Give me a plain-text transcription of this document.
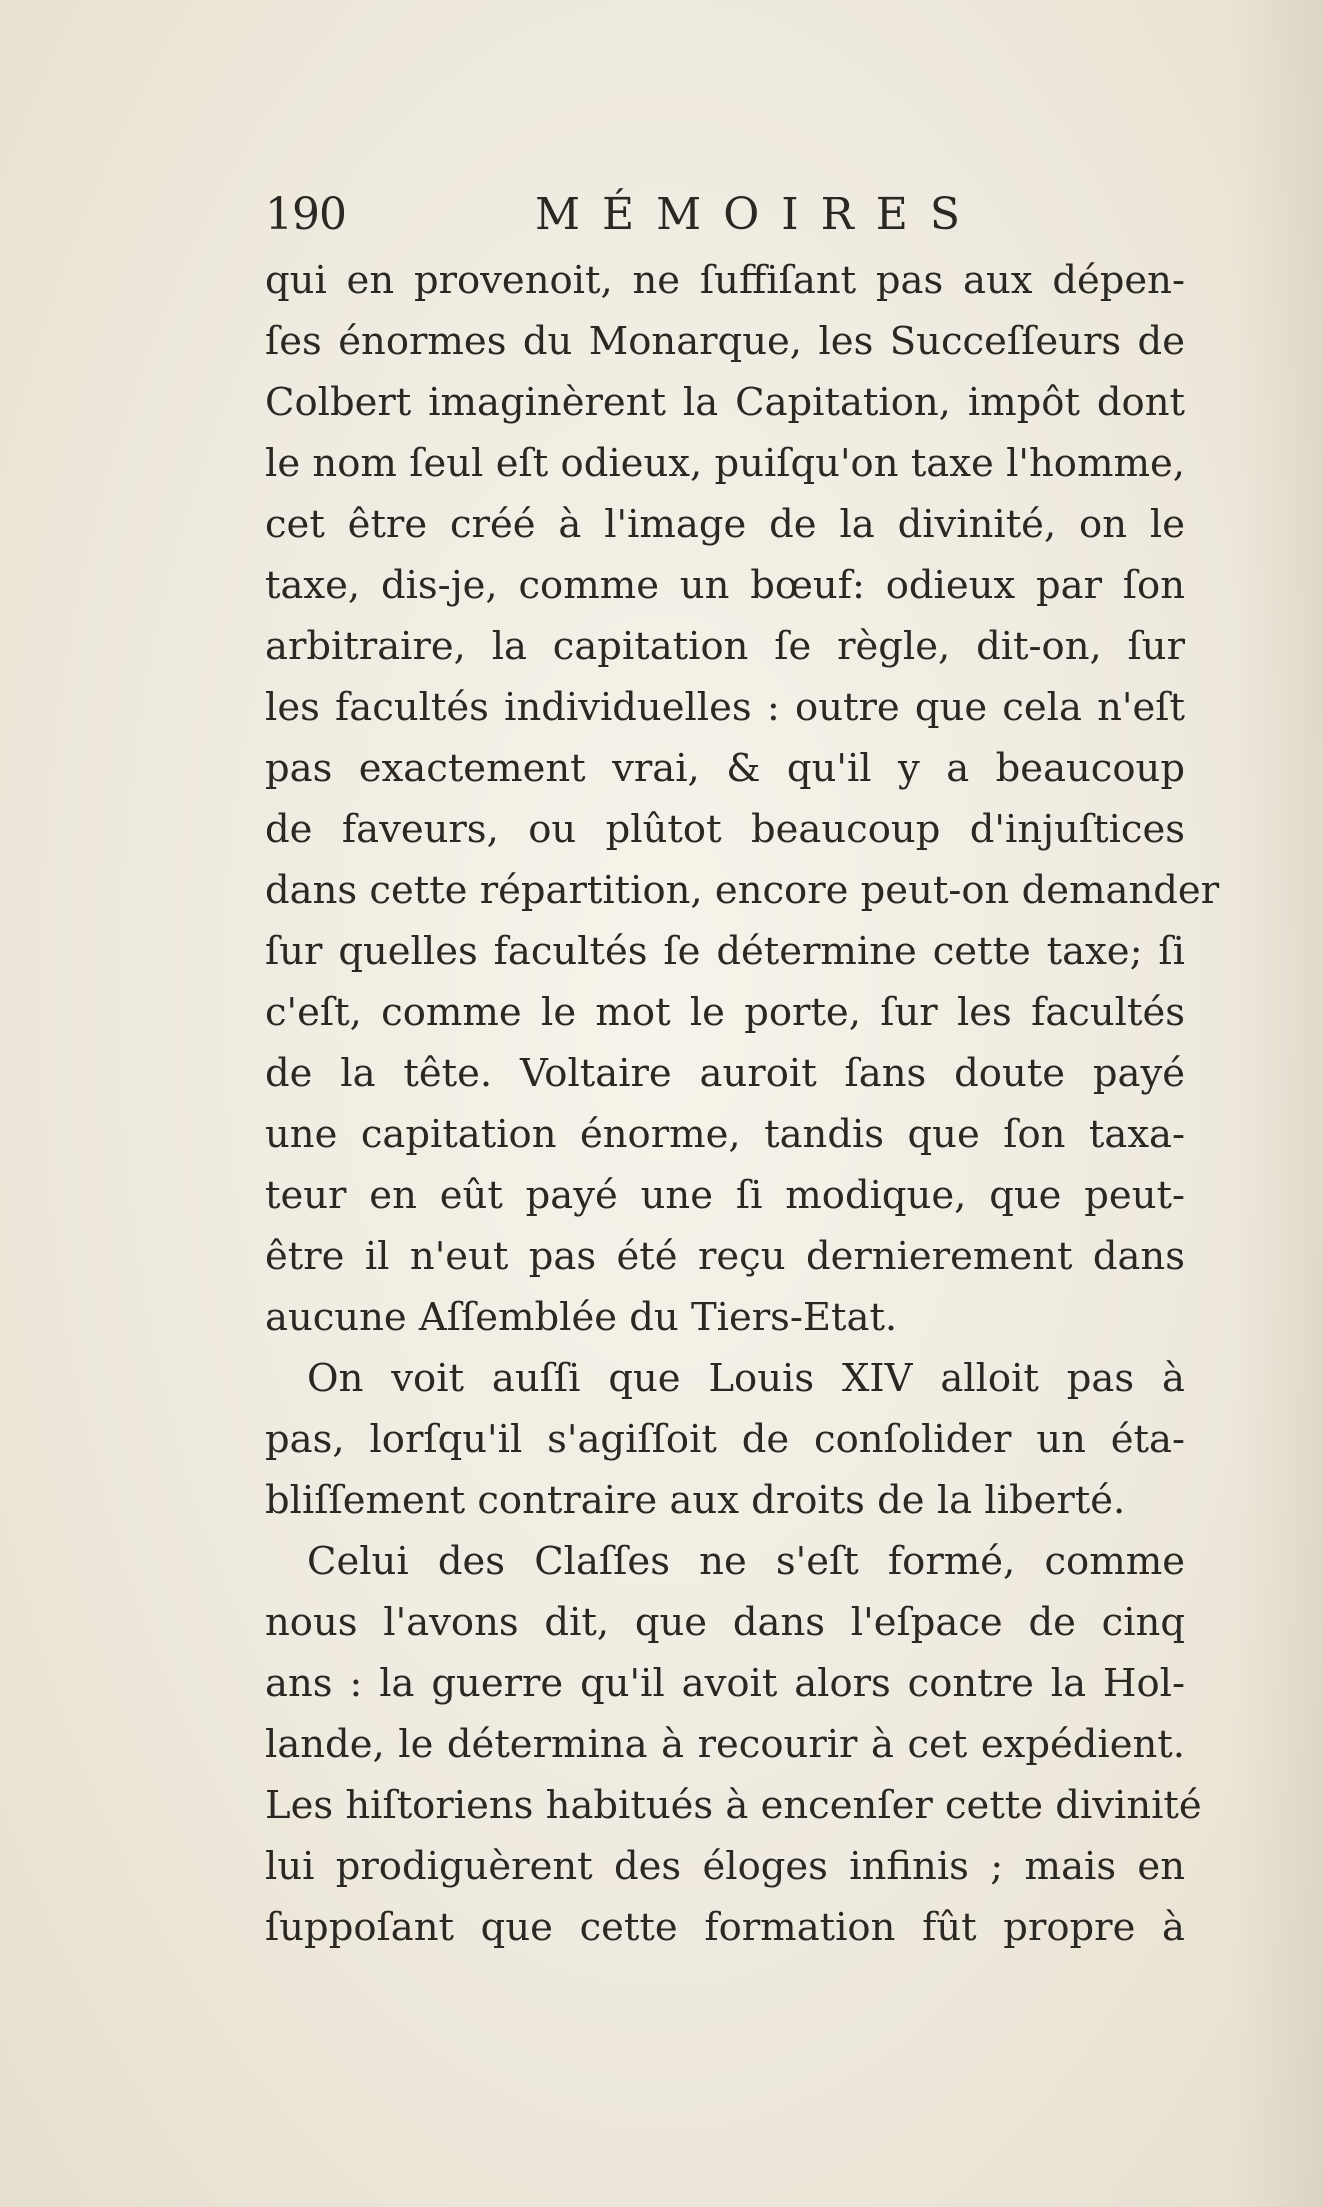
190	MÉMOIRES
qui en provenoit, ne ſuffiſant pas aux dépen-
ſes énormes du Monarque, les Succeſſeurs de
Colbert imaginèrent la Capitation, impôt dont
le nom ſeul eſt odieux, puiſqu'on taxe l'homme,
cet être créé à l'image de la divinité, on le
taxe, dis-je, comme un bœuf: odieux par ſon
arbitraire, la capitation ſe règle, dit-on, ſur
les facultés individuelles : outre que cela n'eſt
pas exactement vrai, & qu'il y a beaucoup
de faveurs, ou plûtot beaucoup d'injuſtices
dans cette répartition, encore peut-on demander
ſur quelles facultés ſe détermine cette taxe; ſi
c'eſt, comme le mot le porte, ſur les facultés
de la tête. Voltaire auroit ſans doute payé
une capitation énorme, tandis que ſon taxa-
teur en eût payé une ſi modique, que peut-
être il n'eut pas été reçu dernierement dans
aucune Aſſemblée du Tiers-Etat.
On voit auſſi que Louis XIV alloit pas à
pas, lorſqu'il s'agiſſoit de conſolider un éta-
bliſſement contraire aux droits de la liberté.
Celui des Claſſes ne s'eſt formé, comme
nous l'avons dit, que dans l'eſpace de cinq
ans : la guerre qu'il avoit alors contre la Hol-
lande, le détermina à recourir à cet expédient.
Les hiſtoriens habitués à encenſer cette divinité
lui prodiguèrent des éloges infinis ; mais en
ſuppoſant que cette formation fût propre à
